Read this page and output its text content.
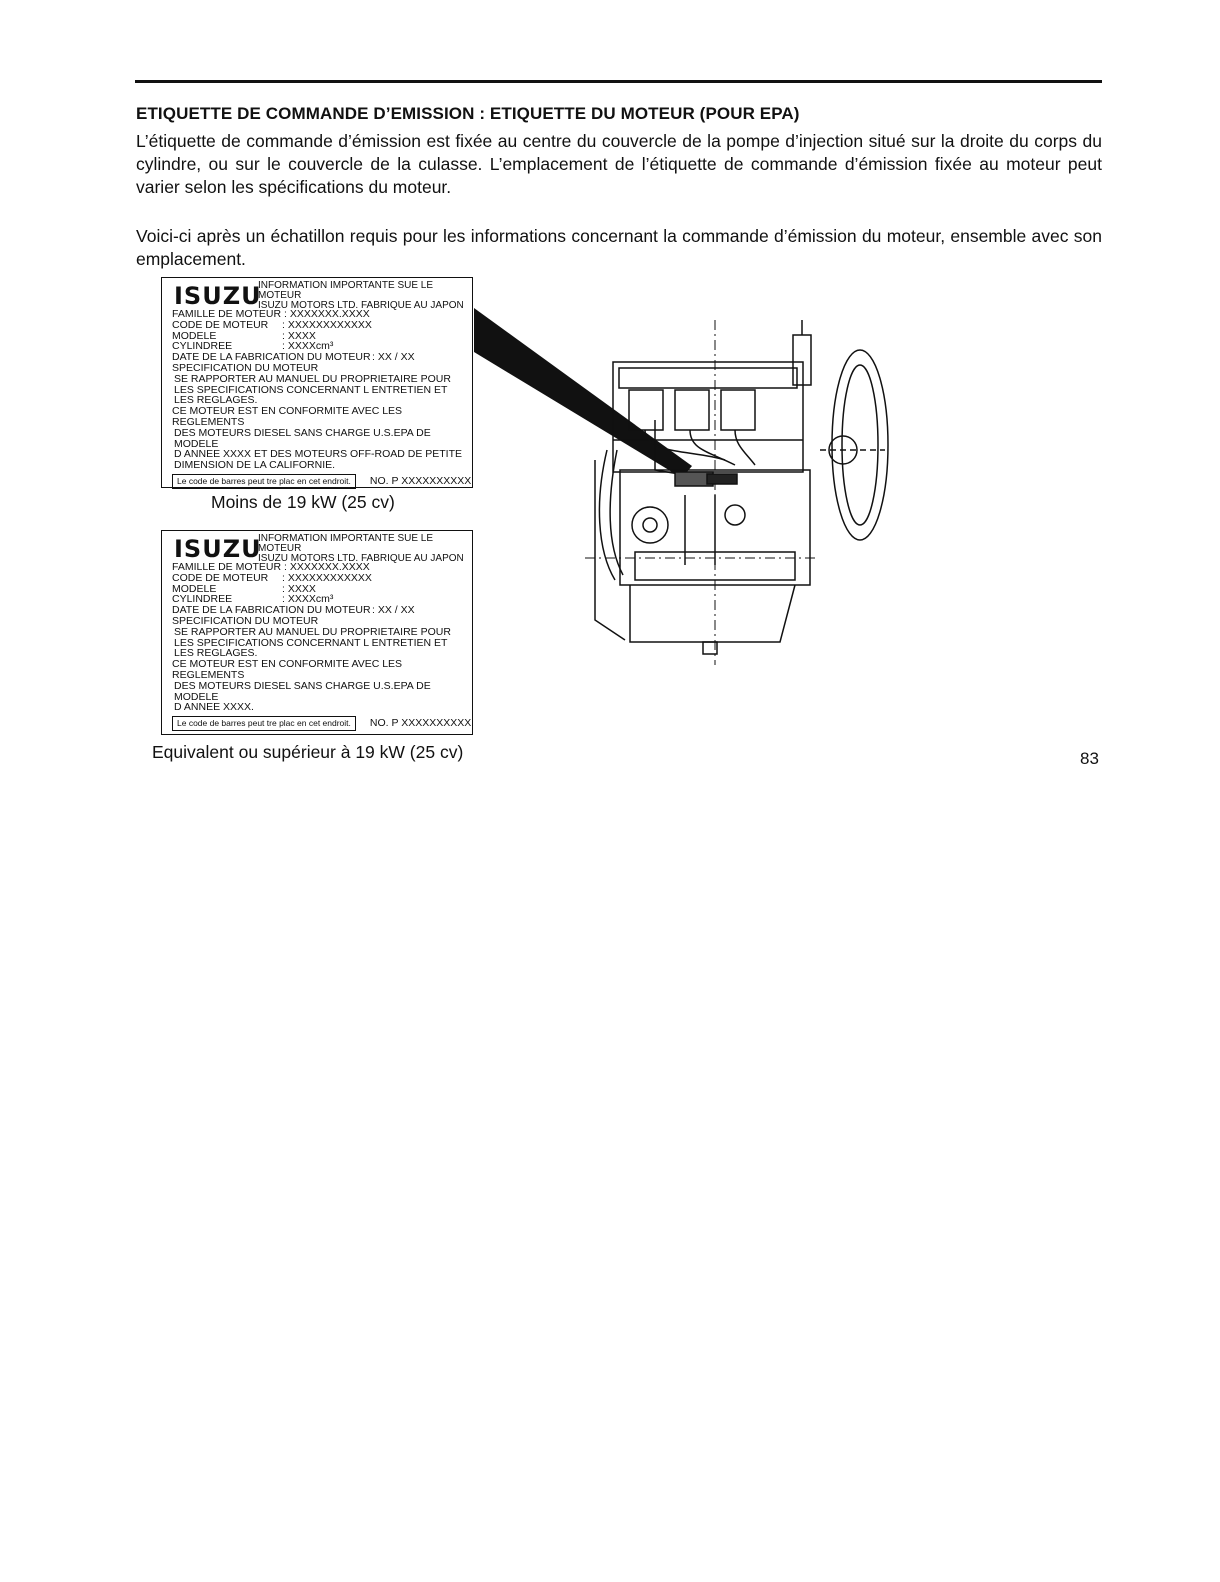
ETIQUETTE DE COMMANDE D’EMISSION : ETIQUETTE DU MOTEUR (POUR EPA)
L’étiquette de commande d’émission est fixée au centre du couvercle de la pompe d’injection situé sur la droite du corps du cylindre, ou sur le couvercle de la culasse. L’emplacement de l’étiquette de commande d’émission fixée au moteur peut varier selon les spécifications du moteur.
Voici-ci après un échatillon requis pour les informations concernant la commande d’émission du moteur, ensemble avec son emplacement.
ISUZU
INFORMATION IMPORTANTE SUE LE MOTEUR
ISUZU MOTORS LTD. FABRIQUE AU JAPON
FAMILLE DE MOTEUR : XXXXXXX.XXXX
CODE DE MOTEUR	: XXXXXXXXXXXX
MODELE	: XXXX
CYLINDREE	: XXXXcm³
DATE DE LA FABRICATION DU MOTEUR : XX / XX
SPECIFICATION DU MOTEUR
SE RAPPORTER AU MANUEL DU PROPRIETAIRE POUR
LES SPECIFICATIONS CONCERNANT L ENTRETIEN ET
LES REGLAGES.
CE MOTEUR EST EN CONFORMITE AVEC LES REGLEMENTS
DES MOTEURS DIESEL SANS CHARGE U.S.EPA DE MODELE
D ANNEE XXXX ET DES MOTEURS OFF-ROAD DE PETITE
DIMENSION DE LA CALIFORNIE.
Le code de barres peut tre plac en cet endroit.	NO. P XXXXXXXXXX
Moins de 19 kW (25 cv)
ISUZU
INFORMATION IMPORTANTE SUE LE MOTEUR
ISUZU MOTORS LTD. FABRIQUE AU JAPON
FAMILLE DE MOTEUR : XXXXXXX.XXXX
CODE DE MOTEUR	: XXXXXXXXXXXX
MODELE	: XXXX
CYLINDREE	: XXXXcm³
DATE DE LA FABRICATION DU MOTEUR : XX / XX
SPECIFICATION DU MOTEUR
SE RAPPORTER AU MANUEL DU PROPRIETAIRE POUR
LES SPECIFICATIONS CONCERNANT L ENTRETIEN ET
LES REGLAGES.
CE MOTEUR EST EN CONFORMITE AVEC LES REGLEMENTS
DES MOTEURS DIESEL SANS CHARGE U.S.EPA DE MODELE
D ANNEE XXXX.
Le code de barres peut tre plac en cet endroit.	NO. P XXXXXXXXXX
Equivalent ou supérieur à 19 kW (25 cv)	83
